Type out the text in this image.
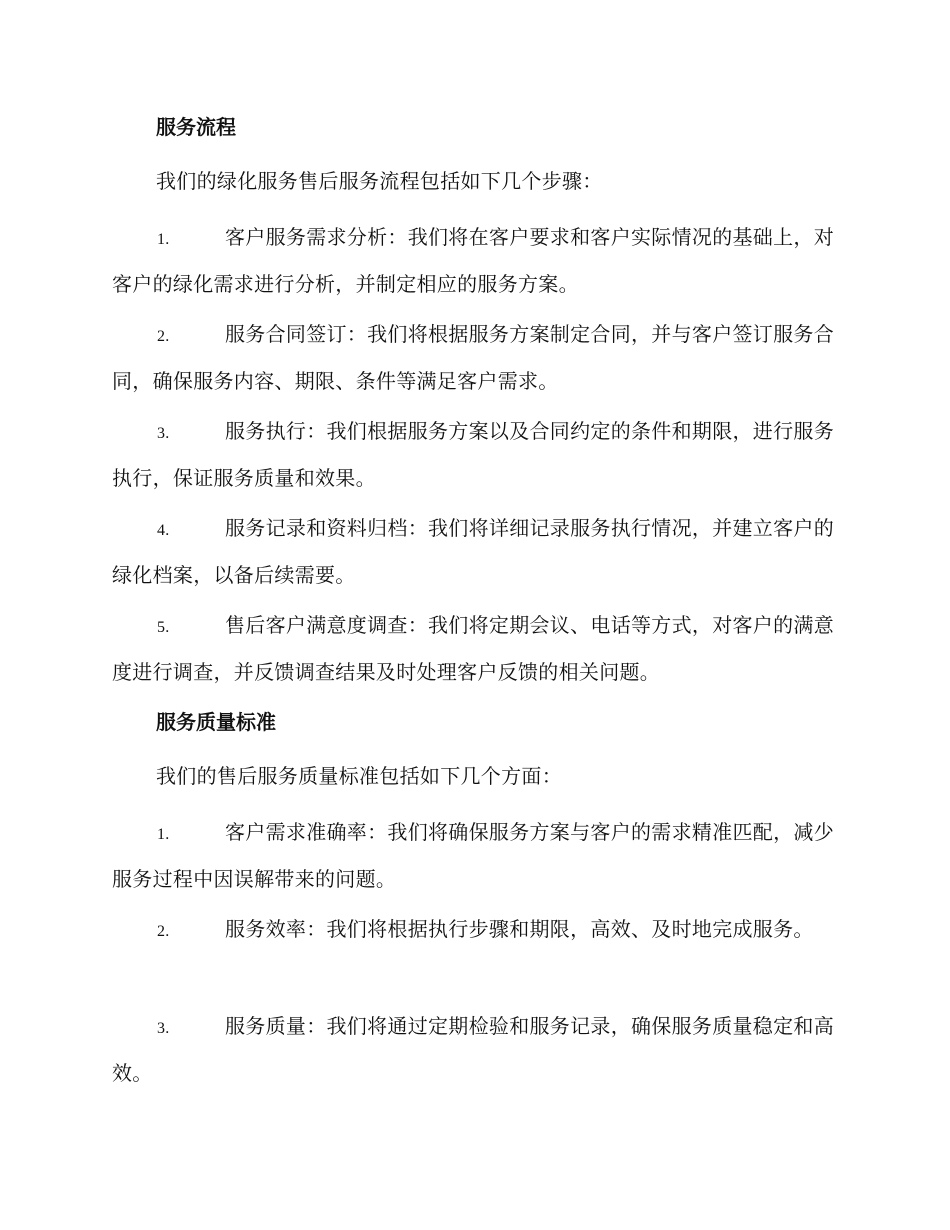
服务流程
我们的绿化服务售后服务流程包括如下几个步骤：
1.	客户服务需求分析：我们将在客户要求和客户实际情况的基础上，对客户的绿化需求进行分析，并制定相应的服务方案。
2.	服务合同签订：我们将根据服务方案制定合同，并与客户签订服务合同，确保服务内容、期限、条件等满足客户需求。
3.	服务执行：我们根据服务方案以及合同约定的条件和期限，进行服务执行，保证服务质量和效果。
4.	服务记录和资料归档：我们将详细记录服务执行情况，并建立客户的绿化档案，以备后续需要。
5.	售后客户满意度调查：我们将定期会议、电话等方式，对客户的满意度进行调查，并反馈调查结果及时处理客户反馈的相关问题。
服务质量标准
我们的售后服务质量标准包括如下几个方面：
1.	客户需求准确率：我们将确保服务方案与客户的需求精准匹配，减少服务过程中因误解带来的问题。
2.	服务效率：我们将根据执行步骤和期限，高效、及时地完成服务。
3.	服务质量：我们将通过定期检验和服务记录，确保服务质量稳定和高效。
